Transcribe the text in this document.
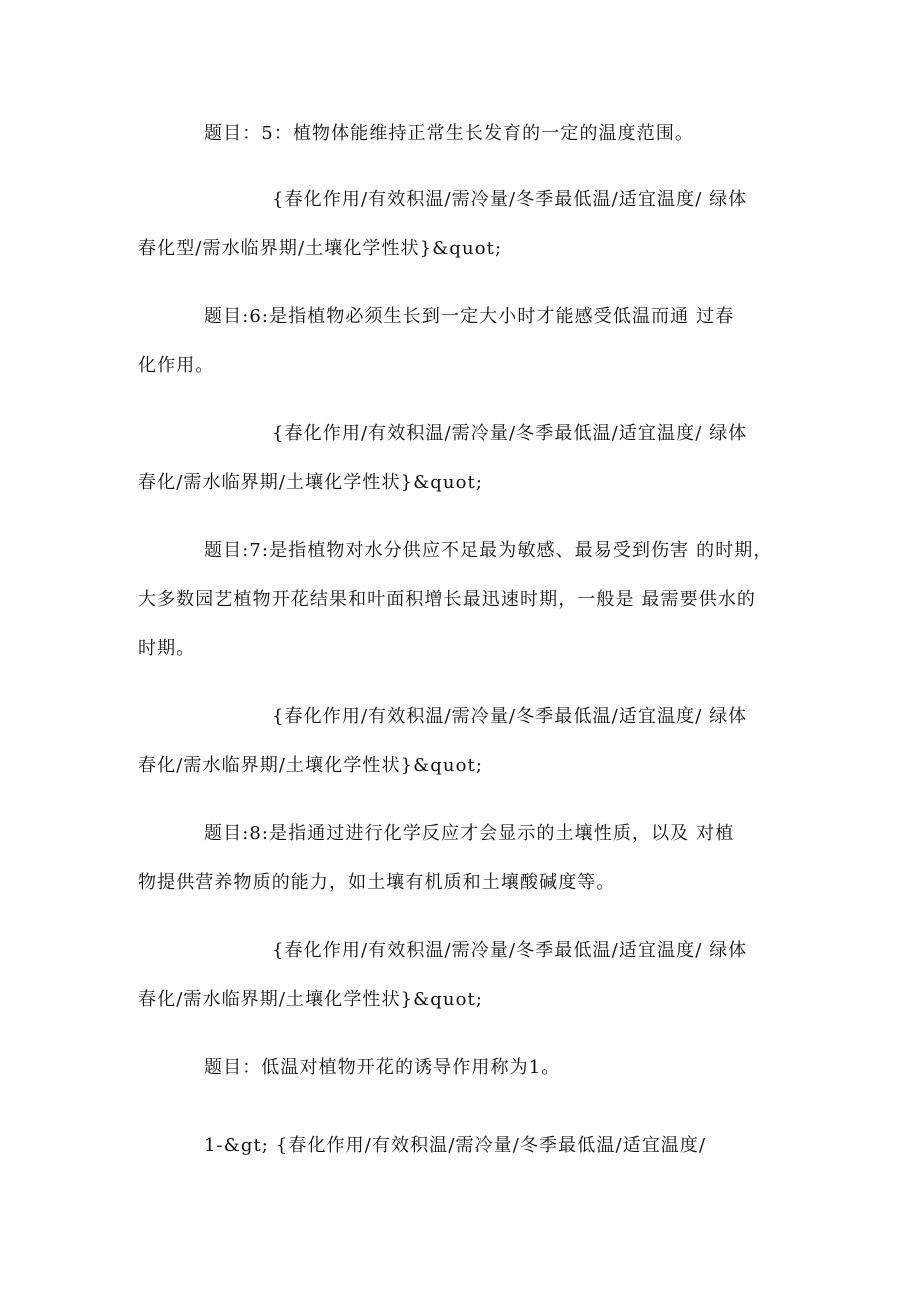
题目：5：植物体能维持正常生长发育的一定的温度范围。
{春化作用/有效积温/需冷量/冬季最低温/适宜温度/ 绿体
春化型/需水临界期/土壤化学性状}&quot;
题目:6:是指植物必须生长到一定大小时才能感受低温而通 过春
化作用。
{春化作用/有效积温/需冷量/冬季最低温/适宜温度/ 绿体
春化/需水临界期/土壤化学性状}&quot;
题目:7:是指植物对水分供应不足最为敏感、最易受到伤害 的时期，
大多数园艺植物开花结果和叶面积增长最迅速时期，一般是 最需要供水的
时期。
{春化作用/有效积温/需冷量/冬季最低温/适宜温度/ 绿体
春化/需水临界期/土壤化学性状}&quot;
题目:8:是指通过进行化学反应才会显示的土壤性质，以及 对植
物提供营养物质的能力，如土壤有机质和土壤酸碱度等。
{春化作用/有效积温/需冷量/冬季最低温/适宜温度/ 绿体
春化/需水临界期/土壤化学性状}&quot;
题目：低温对植物开花的诱导作用称为1。
1-&gt; {春化作用/有效积温/需冷量/冬季最低温/适宜温度/
